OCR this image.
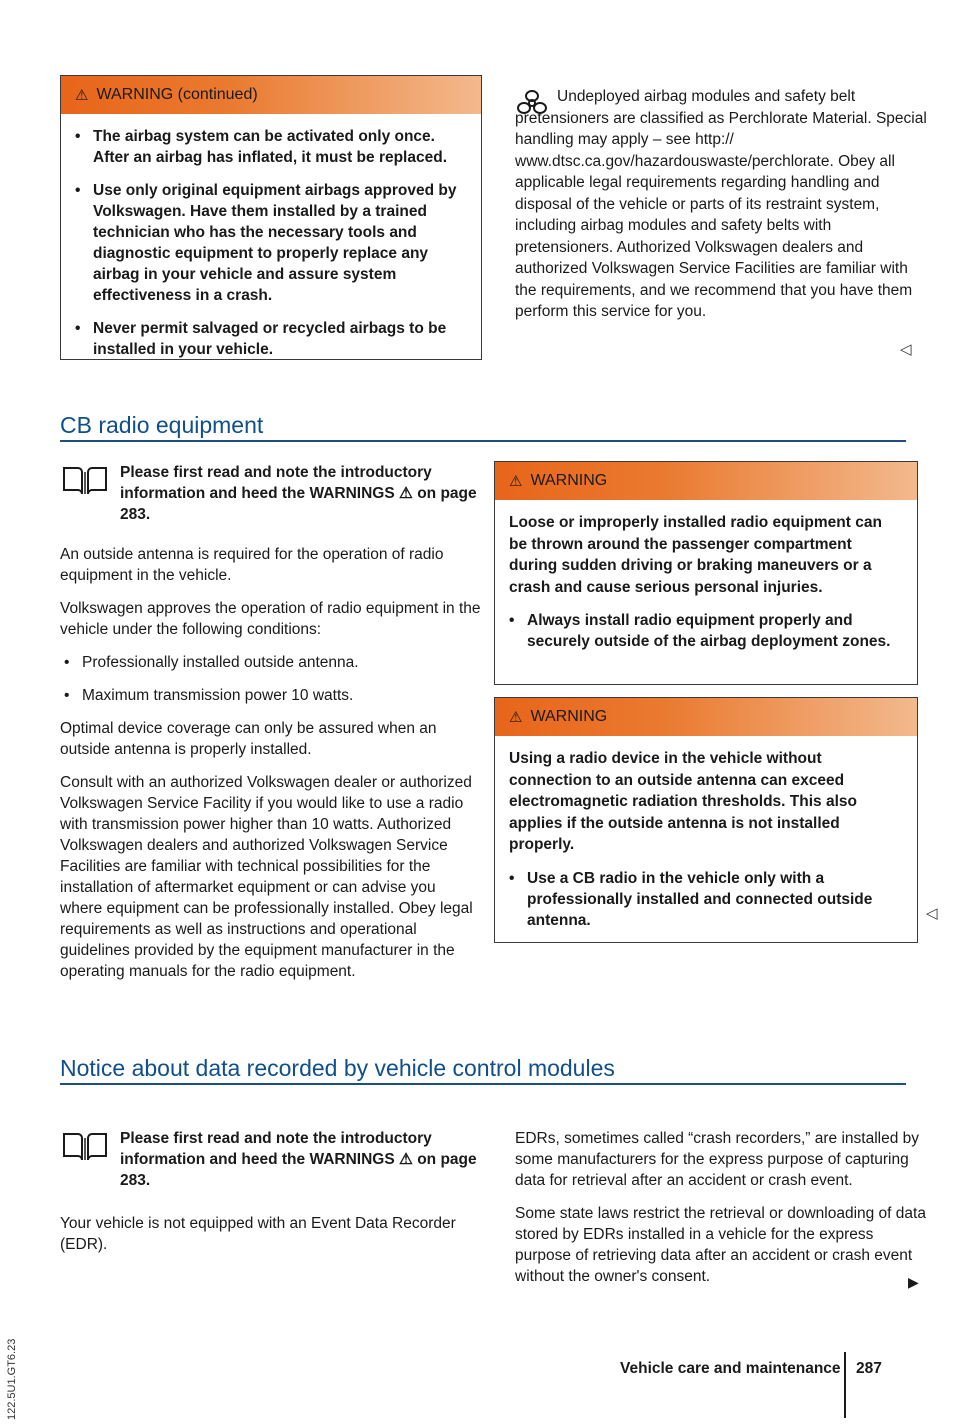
122.5U1.GT6.23
⚠ WARNING (continued)
• The airbag system can be activated only once. After an airbag has inflated, it must be replaced.
• Use only original equipment airbags approved by Volkswagen. Have them installed by a trained technician who has the necessary tools and diagnostic equipment to properly replace any airbag in your vehicle and assure system effectiveness in a crash.
• Never permit salvaged or recycled airbags to be installed in your vehicle.

Undeployed airbag modules and safety belt pretensioners are classified as Perchlorate Material. Special handling may apply – see http:// www.dtsc.ca.gov/hazardouswaste/perchlorate. Obey all applicable legal requirements regarding handling and disposal of the vehicle or parts of its restraint system, including airbag modules and safety belts with pretensioners. Authorized Volkswagen dealers and authorized Volkswagen Service Facilities are familiar with the requirements, and we recommend that you have them perform this service for you.

◁
CB radio equipment
Please first read and note the introductory information and heed the WARNINGS ⚠ on page 283.

An outside antenna is required for the operation of radio equipment in the vehicle.

Volkswagen approves the operation of radio equipment in the vehicle under the following conditions:

• Professionally installed outside antenna.
• Maximum transmission power 10 watts.

Optimal device coverage can only be assured when an outside antenna is properly installed.

Consult with an authorized Volkswagen dealer or authorized Volkswagen Service Facility if you would like to use a radio with transmission power higher than 10 watts. Authorized Volkswagen dealers and authorized Volkswagen Service Facilities are familiar with technical possibilities for the installation of aftermarket equipment or can advise you where equipment can be professionally installed. Obey legal requirements as well as instructions and operational guidelines provided by the equipment manufacturer in the operating manuals for the radio equipment.

⚠ WARNING

Loose or improperly installed radio equipment can be thrown around the passenger compartment during sudden driving or braking maneuvers or a crash and cause serious personal injuries.

• Always install radio equipment properly and securely outside of the airbag deployment zones.
⚠ WARNING

Using a radio device in the vehicle without connection to an outside antenna can exceed electromagnetic radiation thresholds. This also applies if the outside antenna is not installed properly.

• Use a CB radio in the vehicle only with a professionally installed and connected outside antenna.	◁
Notice about data recorded by vehicle control modules
Please first read and note the introductory information and heed the WARNINGS ⚠ on page 283.

Your vehicle is not equipped with an Event Data Recorder (EDR).

EDRs, sometimes called “crash recorders,” are installed by some manufacturers for the express purpose of capturing data for retrieval after an accident or crash event.

Some state laws restrict the retrieval or downloading of data stored by EDRs installed in a vehicle for the express purpose of retrieving data after an accident or crash event without the owner's consent.	▶
Vehicle care and maintenance 287
